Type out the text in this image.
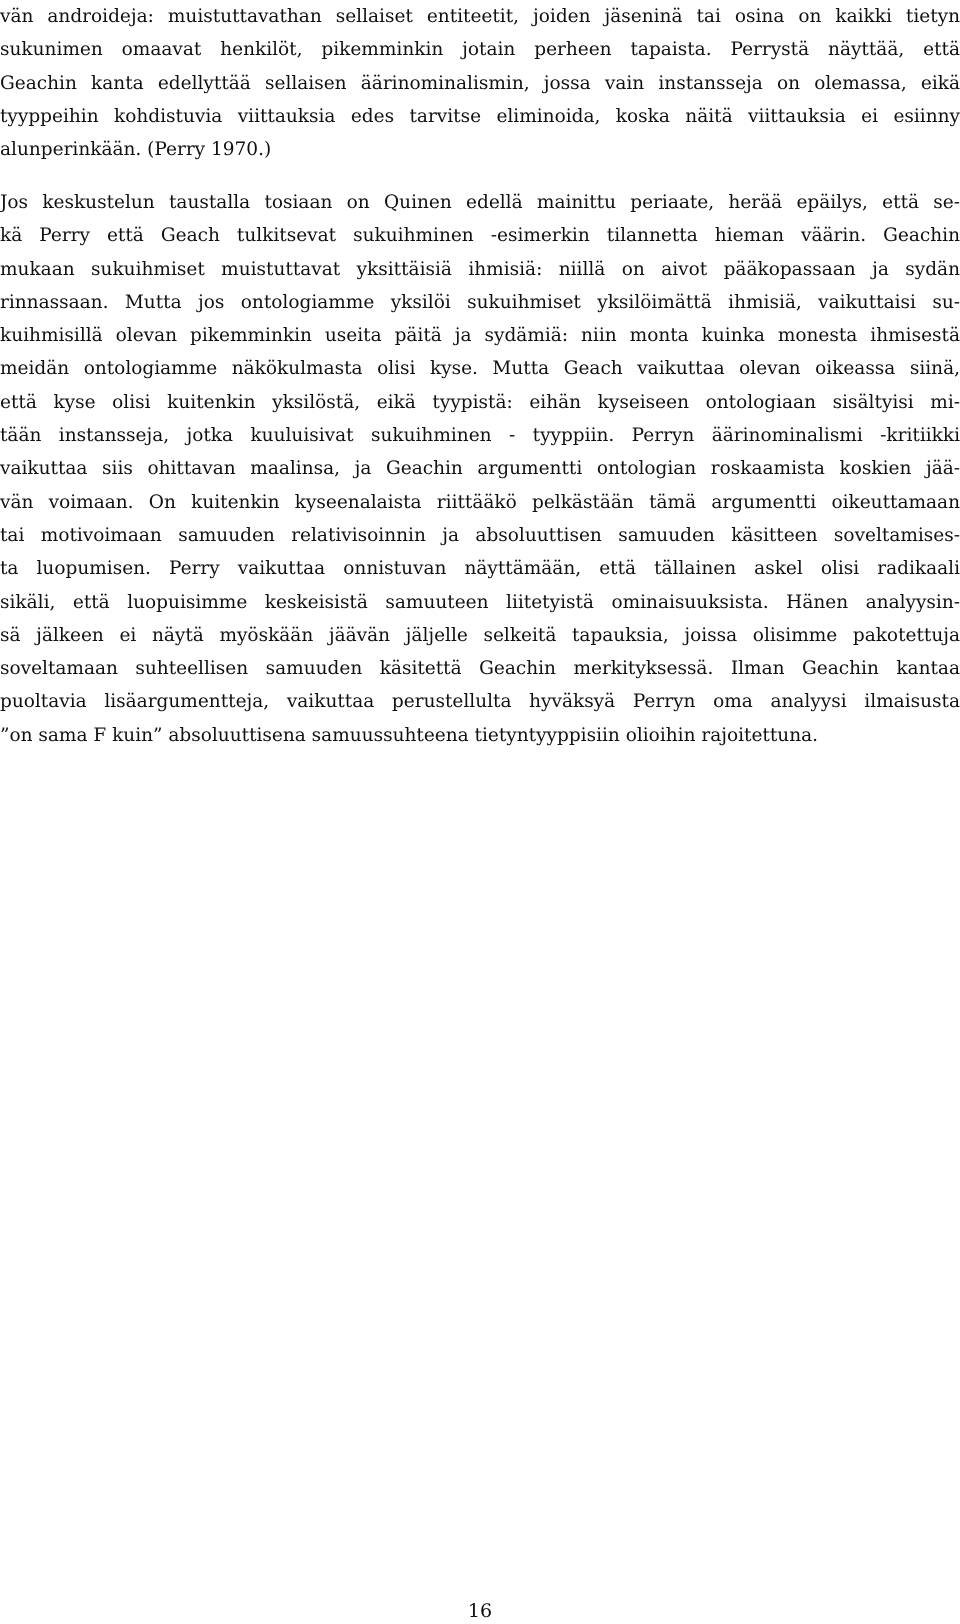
vän androideja: muistuttavathan sellaiset entiteetit, joiden jäseninä tai osina on kaikki tietyn
sukunimen omaavat henkilöt, pikemminkin jotain perheen tapaista. Perrystä näyttää, että
Geachin kanta edellyttää sellaisen äärinominalismin, jossa vain instansseja on olemassa, eikä
tyyppeihin kohdistuvia viittauksia edes tarvitse eliminoida, koska näitä viittauksia ei esiinny
alunperinkään. (Perry 1970.)
Jos keskustelun taustalla tosiaan on Quinen edellä mainittu periaate, herää epäilys, että se-
kä Perry että Geach tulkitsevat sukuihminen -esimerkin tilannetta hieman väärin. Geachin
mukaan sukuihmiset muistuttavat yksittäisiä ihmisiä: niillä on aivot pääkopassaan ja sydän
rinnassaan. Mutta jos ontologiamme yksilöi sukuihmiset yksilöimättä ihmisiä, vaikuttaisi su-
kuihmisillä olevan pikemminkin useita päitä ja sydämiä: niin monta kuinka monesta ihmisestä
meidän ontologiamme näkökulmasta olisi kyse. Mutta Geach vaikuttaa olevan oikeassa siinä,
että kyse olisi kuitenkin yksilöstä, eikä tyypistä: eihän kyseiseen ontologiaan sisältyisi mi-
tään instansseja, jotka kuuluisivat sukuihminen - tyyppiin. Perryn äärinominalismi -kritiikki
vaikuttaa siis ohittavan maalinsa, ja Geachin argumentti ontologian roskaamista koskien jää-
vän voimaan. On kuitenkin kyseenalaista riittääkö pelkästään tämä argumentti oikeuttamaan
tai motivoimaan samuuden relativisoinnin ja absoluuttisen samuuden käsitteen soveltamises-
ta luopumisen. Perry vaikuttaa onnistuvan näyttämään, että tällainen askel olisi radikaali
sikäli, että luopuisimme keskeisistä samuuteen liitetyistä ominaisuuksista. Hänen analyysin-
sä jälkeen ei näytä myöskään jäävän jäljelle selkeitä tapauksia, joissa olisimme pakotettuja
soveltamaan suhteellisen samuuden käsitettä Geachin merkityksessä. Ilman Geachin kantaa
puoltavia lisäargumentteja, vaikuttaa perustellulta hyväksyä Perryn oma analyysi ilmaisusta
”on sama F kuin” absoluuttisena samuussuhteena tietyntyyppisiin olioihin rajoitettuna.
16
